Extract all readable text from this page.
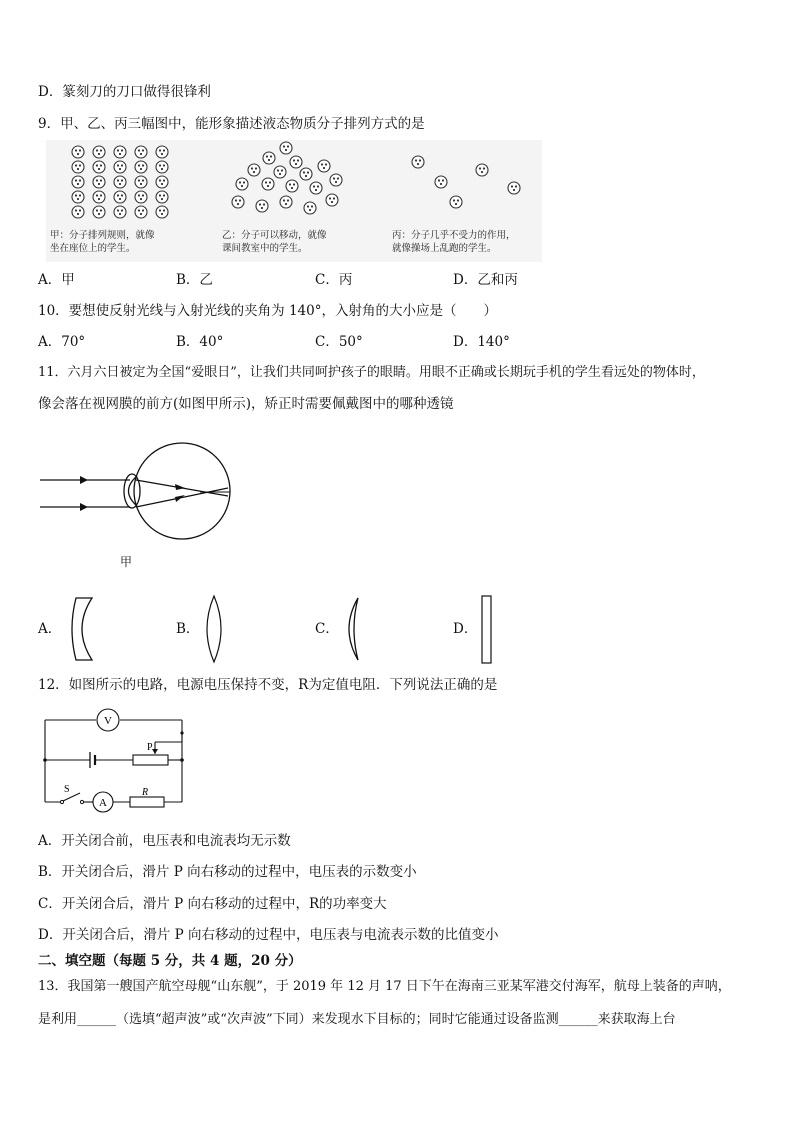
D．篆刻刀的刀口做得很锋利
9．甲、乙、丙三幅图中，能形象描述液态物质分子排列方式的是
甲：分子排列规则，就像
坐在座位上的学生。
乙：分子可以移动，就像
课间教室中的学生。
丙：分子几乎不受力的作用，
就像操场上乱跑的学生。
A．甲	B．乙	C．丙	D．乙和丙
10．要想使反射光线与入射光线的夹角为 140°，入射角的大小应是（　　）
A．70°	B．40°	C．50°	D．140°
11．六月六日被定为全国“爱眼日”，让我们共同呵护孩子的眼睛。用眼不正确或长期玩手机的学生看远处的物体时，
像会落在视网膜的前方(如图甲所示)，矫正时需要佩戴图中的哪种透镜
甲
A．	B．	C．	D．
12．如图所示的电路，电源电压保持不变，R为定值电阻．下列说法正确的是
V
A
P
S	R
A．开关闭合前，电压表和电流表均无示数
B．开关闭合后，滑片 P 向右移动的过程中，电压表的示数变小
C．开关闭合后，滑片 P 向右移动的过程中，R的功率变大
D．开关闭合后，滑片 P 向右移动的过程中，电压表与电流表示数的比值变小
二、填空题（每题 5 分，共 4 题，20 分）
13．我国第一艘国产航空母舰“山东舰”，于 2019 年 12 月 17 日下午在海南三亚某军港交付海军，航母上装备的声呐，
是利用______（选填“超声波”或“次声波”下同）来发现水下目标的；同时它能通过设备监测______来获取海上台
